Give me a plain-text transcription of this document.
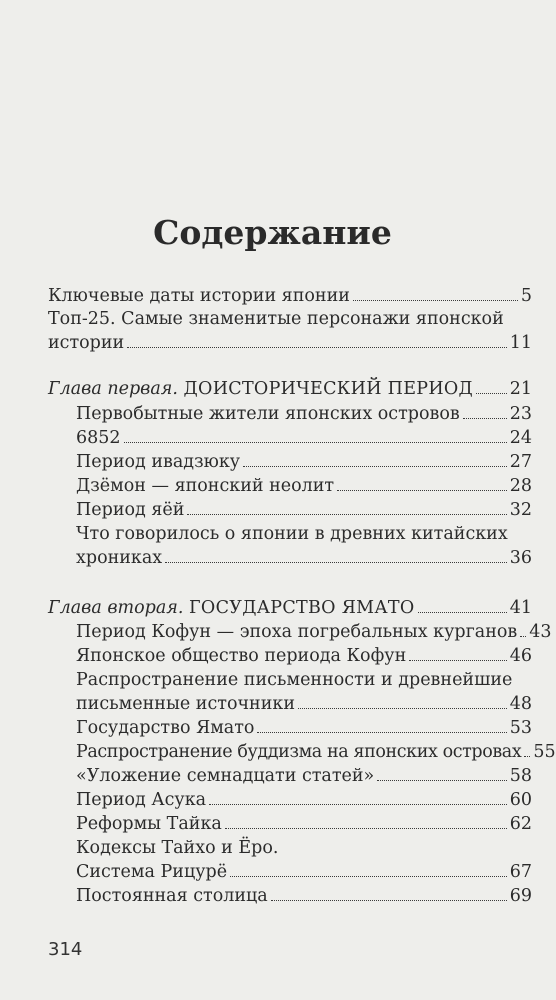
Содержание
Ключевые даты истории японии	5
Топ-25. Самые знаменитые персонажи японской
истории	11
Глава первая. ДОИСТОРИЧЕСКИЙ ПЕРИОД 21
Первобытные жители японских островов	23
6852	24
Период ивадзюку	27
Дзёмон — японский неолит	28
Период яёй	32
Что говорилось о японии в древних китайских
хрониках	36
Глава вторая. ГОСУДАРСТВО ЯМАТО	41
Период Кофун — эпоха погребальных курганов 43
Японское общество периода Кофун	46
Распространение письменности и древнейшие
письменные источники	48
Государство Ямато	53
Распространение буддизма на японских островах 55
«Уложение семнадцати статей»	58
Период Асука	60
Реформы Тайка	62
Кодексы Тайхо и Ёро.
Система Рицурё	67
Постоянная столица	69
314
